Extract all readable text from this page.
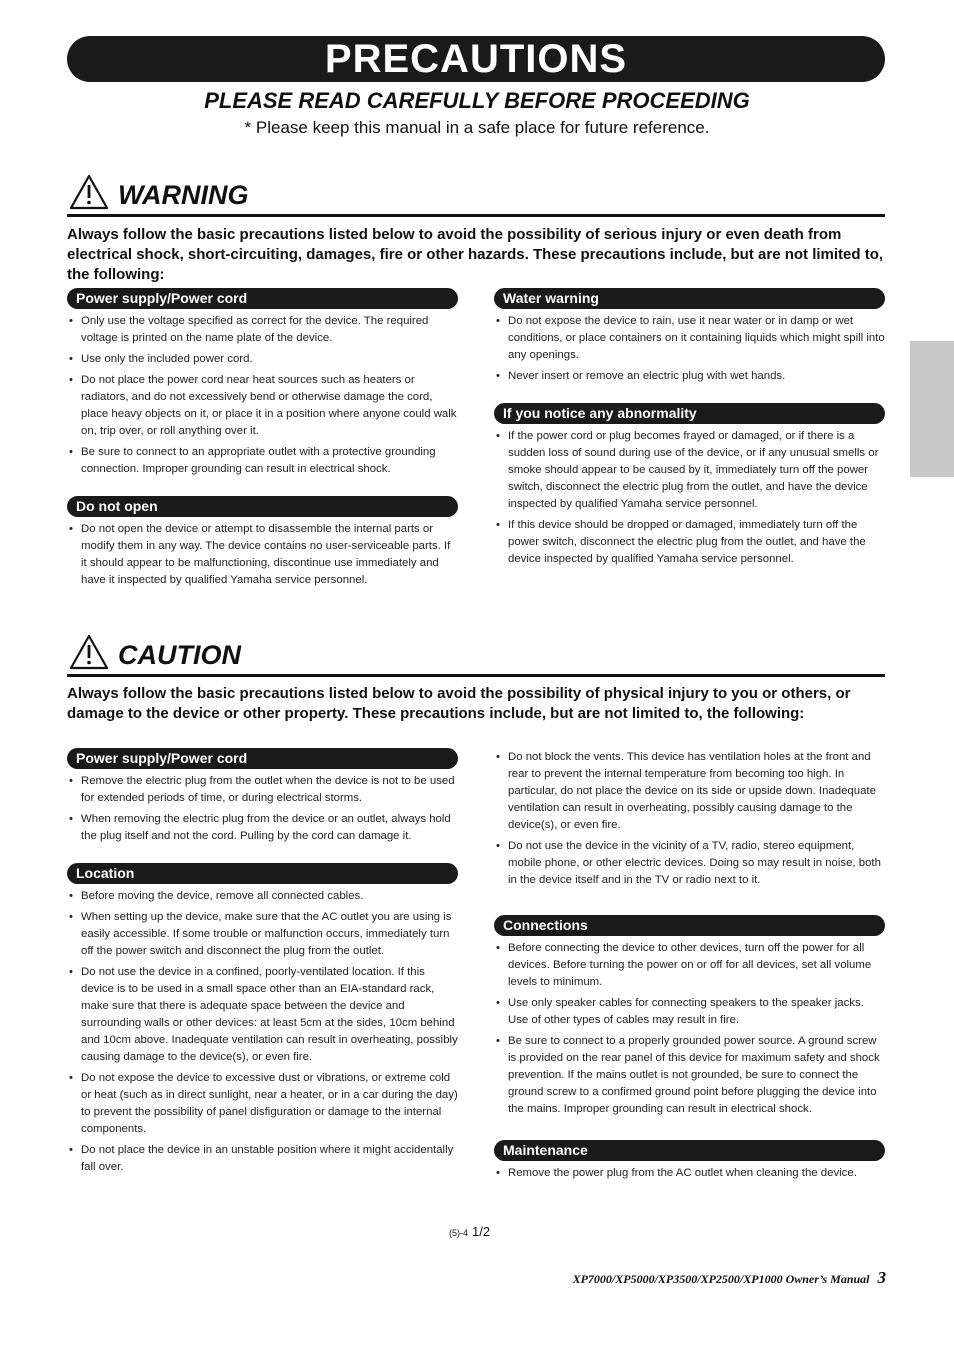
PRECAUTIONS
PLEASE READ CAREFULLY BEFORE PROCEEDING
* Please keep this manual in a safe place for future reference.
WARNING
Always follow the basic precautions listed below to avoid the possibility of serious injury or even death from electrical shock, short-circuiting, damages, fire or other hazards. These precautions include, but are not limited to, the following:
Power supply/Power cord
• Only use the voltage specified as correct for the device. The required voltage is printed on the name plate of the device.
• Use only the included power cord.
• Do not place the power cord near heat sources such as heaters or radiators, and do not excessively bend or otherwise damage the cord, place heavy objects on it, or place it in a position where anyone could walk on, trip over, or roll anything over it.
• Be sure to connect to an appropriate outlet with a protective grounding connection. Improper grounding can result in electrical shock.
Do not open
• Do not open the device or attempt to disassemble the internal parts or modify them in any way. The device contains no user-serviceable parts. If it should appear to be malfunctioning, discontinue use immediately and have it inspected by qualified Yamaha service personnel.
Water warning
• Do not expose the device to rain, use it near water or in damp or wet conditions, or place containers on it containing liquids which might spill into any openings.
• Never insert or remove an electric plug with wet hands.
If you notice any abnormality
• If the power cord or plug becomes frayed or damaged, or if there is a sudden loss of sound during use of the device, or if any unusual smells or smoke should appear to be caused by it, immediately turn off the power switch, disconnect the electric plug from the outlet, and have the device inspected by qualified Yamaha service personnel.
• If this device should be dropped or damaged, immediately turn off the power switch, disconnect the electric plug from the outlet, and have the device inspected by qualified Yamaha service personnel.
CAUTION
Always follow the basic precautions listed below to avoid the possibility of physical injury to you or others, or damage to the device or other property. These precautions include, but are not limited to, the following:
Power supply/Power cord
• Remove the electric plug from the outlet when the device is not to be used for extended periods of time, or during electrical storms.
• When removing the electric plug from the device or an outlet, always hold the plug itself and not the cord. Pulling by the cord can damage it.
Location
• Before moving the device, remove all connected cables.
• When setting up the device, make sure that the AC outlet you are using is easily accessible. If some trouble or malfunction occurs, immediately turn off the power switch and disconnect the plug from the outlet.
• Do not use the device in a confined, poorly-ventilated location. If this device is to be used in a small space other than an EIA-standard rack, make sure that there is adequate space between the device and surrounding walls or other devices: at least 5cm at the sides, 10cm behind and 10cm above. Inadequate ventilation can result in overheating, possibly causing damage to the device(s), or even fire.
• Do not expose the device to excessive dust or vibrations, or extreme cold or heat (such as in direct sunlight, near a heater, or in a car during the day) to prevent the possibility of panel disfiguration or damage to the internal components.
• Do not place the device in an unstable position where it might accidentally fall over.
• Do not block the vents. This device has ventilation holes at the front and rear to prevent the internal temperature from becoming too high. In particular, do not place the device on its side or upside down. Inadequate ventilation can result in overheating, possibly causing damage to the device(s), or even fire.
• Do not use the device in the vicinity of a TV, radio, stereo equipment, mobile phone, or other electric devices. Doing so may result in noise, both in the device itself and in the TV or radio next to it.
Connections
• Before connecting the device to other devices, turn off the power for all devices. Before turning the power on or off for all devices, set all volume levels to minimum.
• Use only speaker cables for connecting speakers to the speaker jacks. Use of other types of cables may result in fire.
• Be sure to connect to a properly grounded power source. A ground screw is provided on the rear panel of this device for maximum safety and shock prevention. If the mains outlet is not grounded, be sure to connect the ground screw to a confirmed ground point before plugging the device into the mains. Improper grounding can result in electrical shock.
Maintenance
• Remove the power plug from the AC outlet when cleaning the device.
(5)-4 1/2
XP7000/XP5000/XP3500/XP2500/XP1000 Owner’s Manual 3
